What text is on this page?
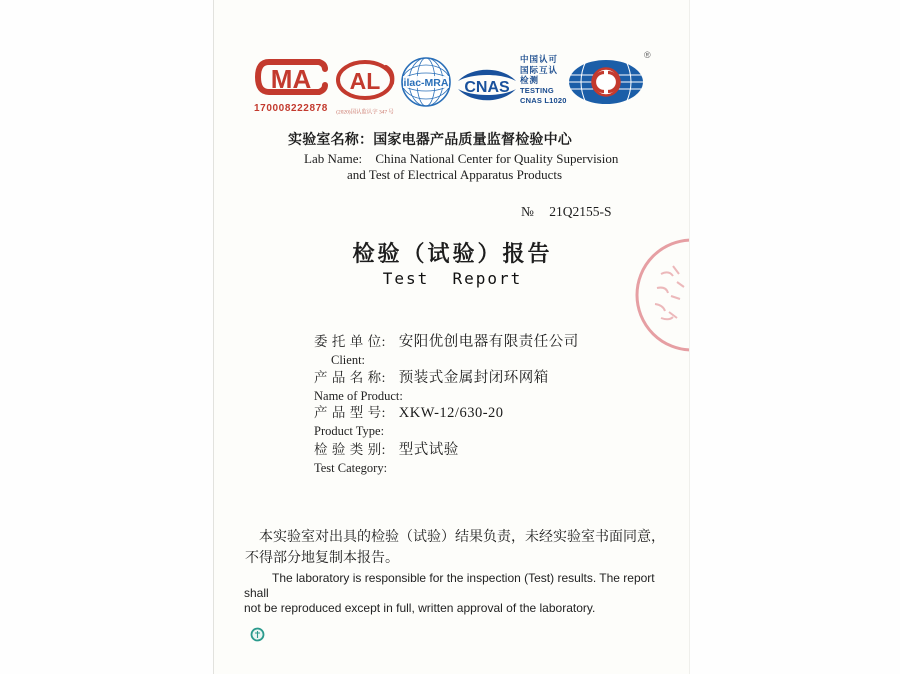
MA
170008222878
AL
(2020)国认监认字 347 号
ilac-MRA CNAS
中国认可
国际互认
检测
TESTING
CNAS L1020
®
实验室名称：国家电器产品质量监督检验中心
Lab Name: China National Center for Quality Supervision
and Test of Electrical Apparatus Products
№ 21Q2155-S
检验（试验）报告
Test  Report
委 托 单 位: 安阳优创电器有限责任公司
Client:
产 品 名 称: 预装式金属封闭环网箱
Name of Product:
产 品 型 号: XKW-12/630-20
Product Type:
检 验 类 别: 型式试验
Test Category:
本实验室对出具的检验（试验）结果负责，未经实验室书面同意，
不得部分地复制本报告。
The laboratory is responsible for the inspection (Test) results. The report shall
not be reproduced except in full, written approval of the laboratory.
